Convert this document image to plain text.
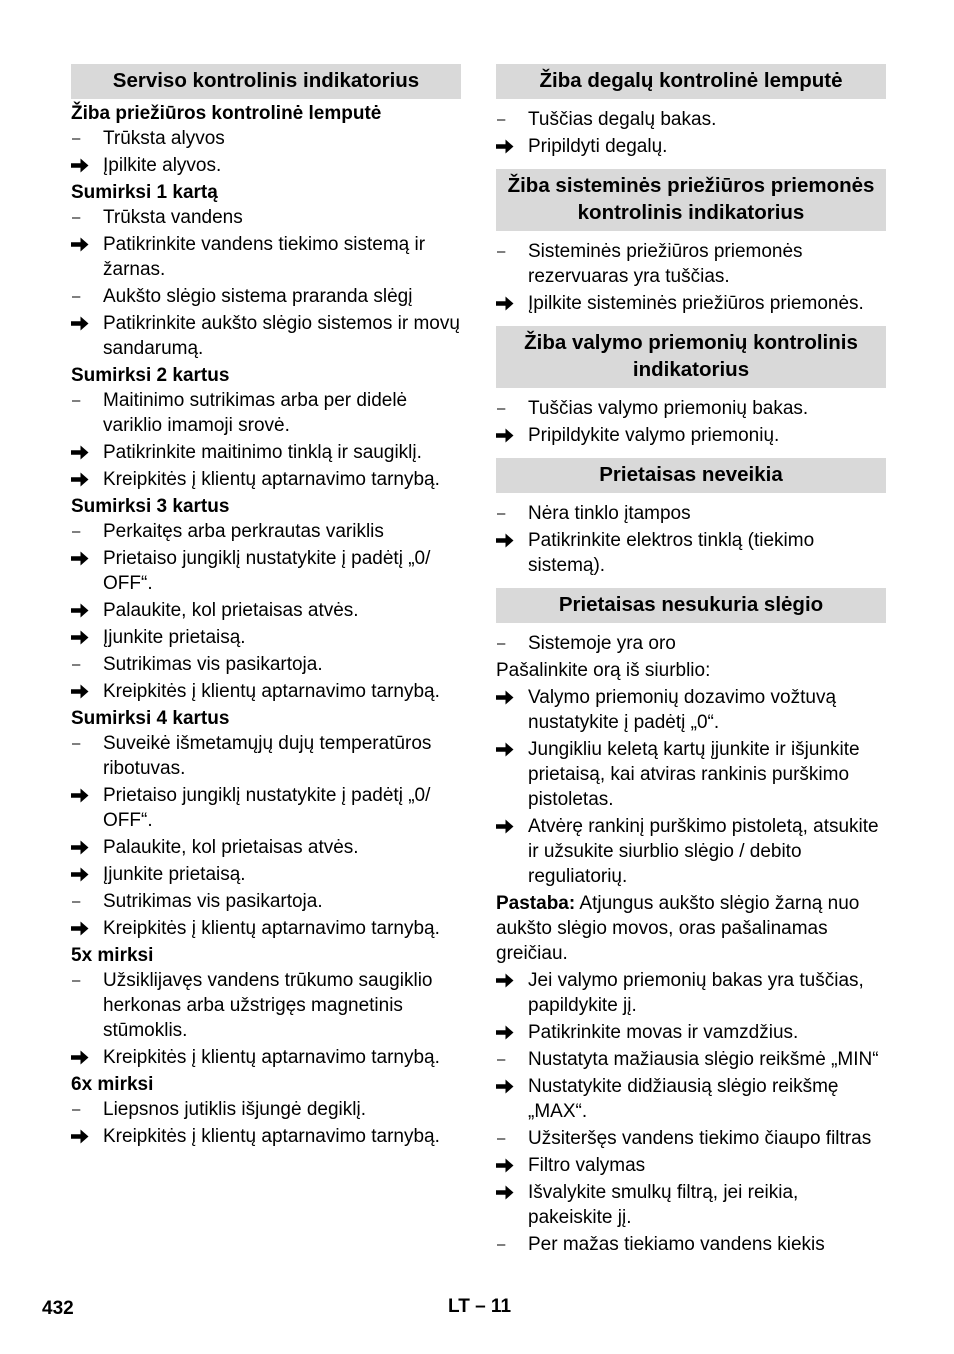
Serviso kontrolinis indikatorius
Žiba priežiūros kontrolinė lemputė
–	Trūksta alyvos
Įpilkite alyvos.
Sumirksi 1 kartą
–	Trūksta vandens
Patikrinkite vandens tiekimo sistemą ir žarnas.
–	Aukšto slėgio sistema praranda slėgį
Patikrinkite aukšto slėgio sistemos ir movų sandarumą.
Sumirksi 2 kartus
–	Maitinimo sutrikimas arba per didelė variklio imamoji srovė.
Patikrinkite maitinimo tinklą ir saugiklį.
Kreipkitės į klientų aptarnavimo tarnybą.
Sumirksi 3 kartus
–	Perkaitęs arba perkrautas variklis
Prietaiso jungiklį nustatykite į padėtį „0/ OFF“.
Palaukite, kol prietaisas atvės.
Įjunkite prietaisą.
–	Sutrikimas vis pasikartoja.
Kreipkitės į klientų aptarnavimo tarnybą.
Sumirksi 4 kartus
–	Suveikė išmetamųjų dujų temperatūros ribotuvas.
Prietaiso jungiklį nustatykite į padėtį „0/ OFF“.
Palaukite, kol prietaisas atvės.
Įjunkite prietaisą.
–	Sutrikimas vis pasikartoja.
Kreipkitės į klientų aptarnavimo tarnybą.
5x mirksi
–	Užsiklijavęs vandens trūkumo saugiklio herkonas arba užstrigęs magnetinis stūmoklis.
Kreipkitės į klientų aptarnavimo tarnybą.
6x mirksi
–	Liepsnos jutiklis išjungė degiklį.
Kreipkitės į klientų aptarnavimo tarnybą.
Žiba degalų kontrolinė lemputė
–	Tuščias degalų bakas.
Pripildyti degalų.
Žiba sisteminės priežiūros priemonės kontrolinis indikatorius
–	Sisteminės priežiūros priemonės rezervuaras yra tuščias.
Įpilkite sisteminės priežiūros priemonės.
Žiba valymo priemonių kontrolinis indikatorius
–	Tuščias valymo priemonių bakas.
Pripildykite valymo priemonių.
Prietaisas neveikia
–	Nėra tinklo įtampos
Patikrinkite elektros tinklą (tiekimo sistemą).
Prietaisas nesukuria slėgio
–	Sistemoje yra oro
Pašalinkite orą iš siurblio:
Valymo priemonių dozavimo vožtuvą nustatykite į padėtį „0“.
Jungikliu keletą kartų įjunkite ir išjunkite prietaisą, kai atviras rankinis purškimo pistoletas.
Atvėrę rankinį purškimo pistoletą, atsukite ir užsukite siurblio slėgio / debito reguliatorių.
Pastaba: Atjungus aukšto slėgio žarną nuo aukšto slėgio movos, oras pašalinamas greičiau.
Jei valymo priemonių bakas yra tuščias, papildykite jį.
Patikrinkite movas ir vamzdžius.
–	Nustatyta mažiausia slėgio reikšmė „MIN“
Nustatykite didžiausią slėgio reikšmę „MAX“.
–	Užsiteršęs vandens tiekimo čiaupo filtras
Filtro valymas
Išvalykite smulkų filtrą, jei reikia, pakeiskite jį.
–	Per mažas tiekiamo vandens kiekis
432	LT – 11
